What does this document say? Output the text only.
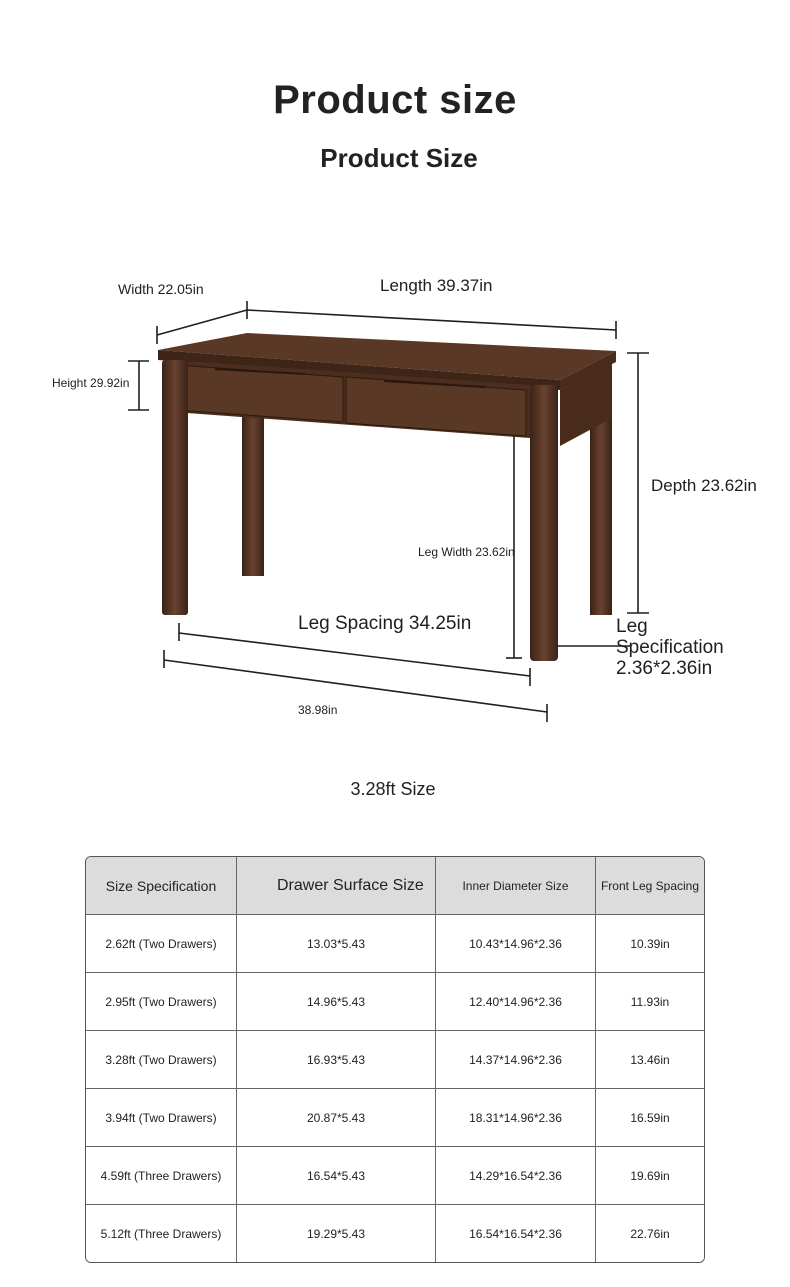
Product size
Product Size
Width 22.05in	Length 39.37in
Height 29.92in
Depth 23.62in
Leg Width 23.62in
Leg Spacing 34.25in	Leg
Specification
2.36*2.36in
38.98in
3.28ft Size
Size Specification	Drawer Surface Size	Inner Diameter Size	Front Leg Spacing
2.62ft (Two Drawers)	13.03*5.43	10.43*14.96*2.36	10.39in
2.95ft (Two Drawers)	14.96*5.43	12.40*14.96*2.36	11.93in
3.28ft (Two Drawers)	16.93*5.43	14.37*14.96*2.36	13.46in
3.94ft (Two Drawers)	20.87*5.43	18.31*14.96*2.36	16.59in
4.59ft (Three Drawers)	16.54*5.43	14.29*16.54*2.36	19.69in
5.12ft (Three Drawers)	19.29*5.43	16.54*16.54*2.36	22.76in
